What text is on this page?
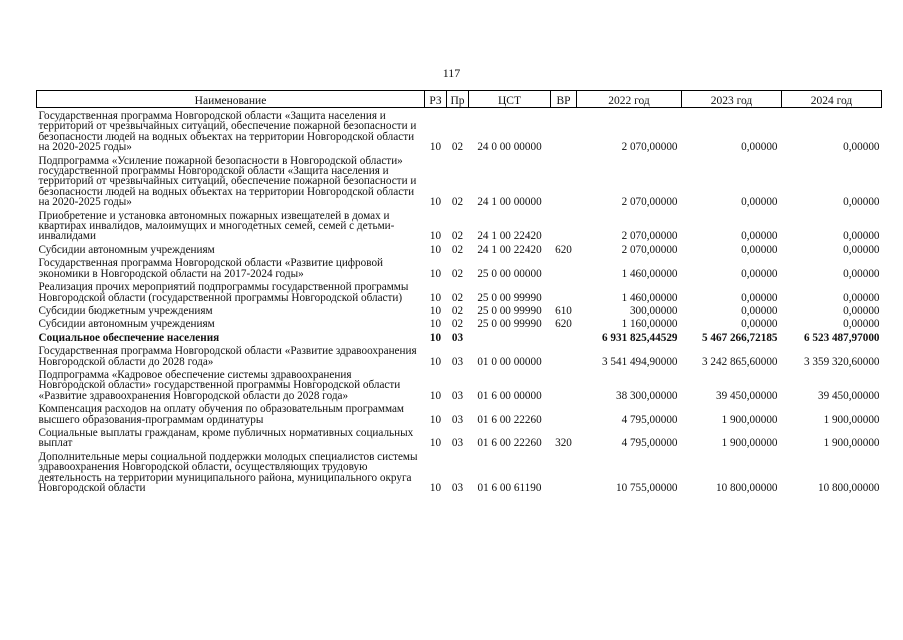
117
Наименование	РЗ	Пр	ЦСТ	ВР	2022 год	2023 год	2024 год
Государственная программа Новгородской области «Защита населения и территорий от чрезвычайных ситуаций, обеспечение пожарной безопасности и безопасности людей на водных объектах на территории Новгородской области на 2020-2025 годы»	10	02	24 0 00 00000		2 070,00000	0,00000	0,00000
Подпрограмма «Усиление пожарной безопасности в Новгородской области» государственной программы Новгородской области «Защита населения и территорий от чрезвычайных ситуаций, обеспечение пожарной безопасности и безопасности людей на водных объектах на территории Новгородской области на 2020-2025 годы»	10	02	24 1 00 00000		2 070,00000	0,00000	0,00000
Приобретение и установка автономных пожарных извещателей в домах и квартирах инвалидов, малоимущих и многодетных семей, семей с детьми-инвалидами	10	02	24 1 00 22420		2 070,00000	0,00000	0,00000
Субсидии автономным учреждениям	10	02	24 1 00 22420	620	2 070,00000	0,00000	0,00000
Государственная программа Новгородской области «Развитие цифровой экономики в Новгородской области на 2017-2024 годы»	10	02	25 0 00 00000		1 460,00000	0,00000	0,00000
Реализация прочих мероприятий подпрограммы государственной программы Новгородской области (государственной программы Новгородской области)	10	02	25 0 00 99990		1 460,00000	0,00000	0,00000
Субсидии бюджетным учреждениям	10	02	25 0 00 99990	610	300,00000	0,00000	0,00000
Субсидии автономным учреждениям	10	02	25 0 00 99990	620	1 160,00000	0,00000	0,00000
Социальное обеспечение населения	10	03			6 931 825,44529	5 467 266,72185	6 523 487,97000
Государственная программа Новгородской области «Развитие здравоохранения Новгородской области до 2028 года»	10	03	01 0 00 00000		3 541 494,90000	3 242 865,60000	3 359 320,60000
Подпрограмма «Кадровое обеспечение системы здравоохранения Новгородской области» государственной программы Новгородской области «Развитие здравоохранения Новгородской области до 2028 года»	10	03	01 6 00 00000		38 300,00000	39 450,00000	39 450,00000
Компенсация расходов на оплату обучения по образовательным программам высшего образования-программам ординатуры	10	03	01 6 00 22260		4 795,00000	1 900,00000	1 900,00000
Социальные выплаты гражданам, кроме публичных нормативных социальных выплат	10	03	01 6 00 22260	320	4 795,00000	1 900,00000	1 900,00000
Дополнительные меры социальной поддержки молодых специалистов системы здравоохранения Новгородской области, осуществляющих трудовую деятельность на территории муниципального района, муниципального округа Новгородской области	10	03	01 6 00 61190		10 755,00000	10 800,00000	10 800,00000
